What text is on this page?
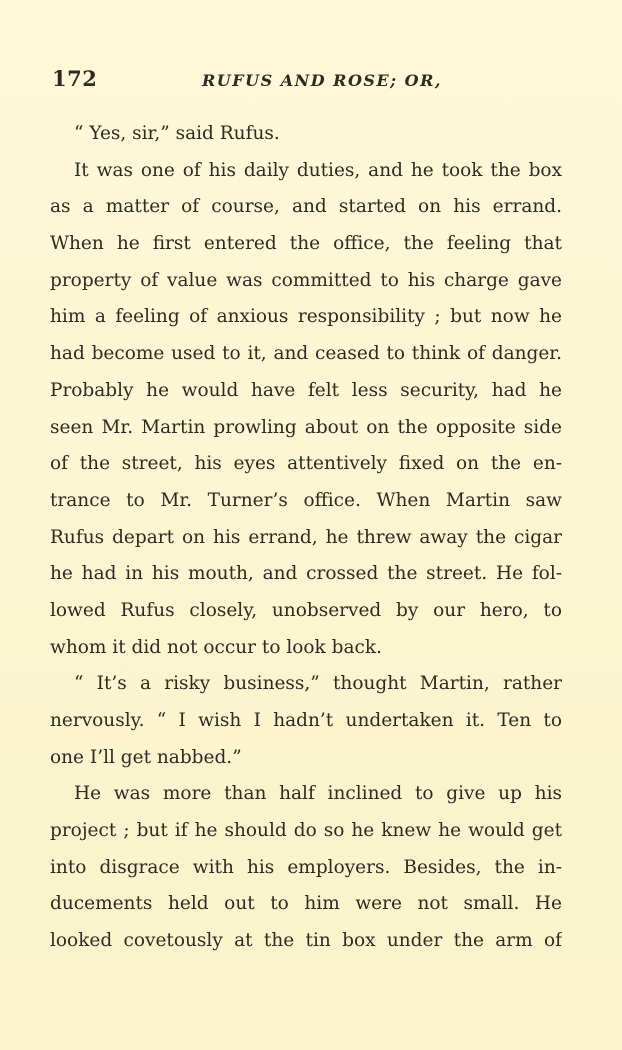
172	RUFUS AND ROSE; OR,
“ Yes, sir,” said Rufus.
It was one of his daily duties, and he took the box
as a matter of course, and started on his errand.
When he first entered the office, the feeling that
property of value was committed to his charge gave
him a feeling of anxious responsibility ; but now he
had become used to it, and ceased to think of danger.
Probably he would have felt less security, had he
seen Mr. Martin prowling about on the opposite side
of the street, his eyes attentively fixed on the en-
trance to Mr. Turner’s office. When Martin saw
Rufus depart on his errand, he threw away the cigar
he had in his mouth, and crossed the street. He fol-
lowed Rufus closely, unobserved by our hero, to
whom it did not occur to look back.
“ It’s a risky business,” thought Martin, rather
nervously. “ I wish I hadn’t undertaken it. Ten to
one I’ll get nabbed.”
He was more than half inclined to give up his
project ; but if he should do so he knew he would get
into disgrace with his employers. Besides, the in-
ducements held out to him were not small. He
looked covetously at the tin box under the arm of
